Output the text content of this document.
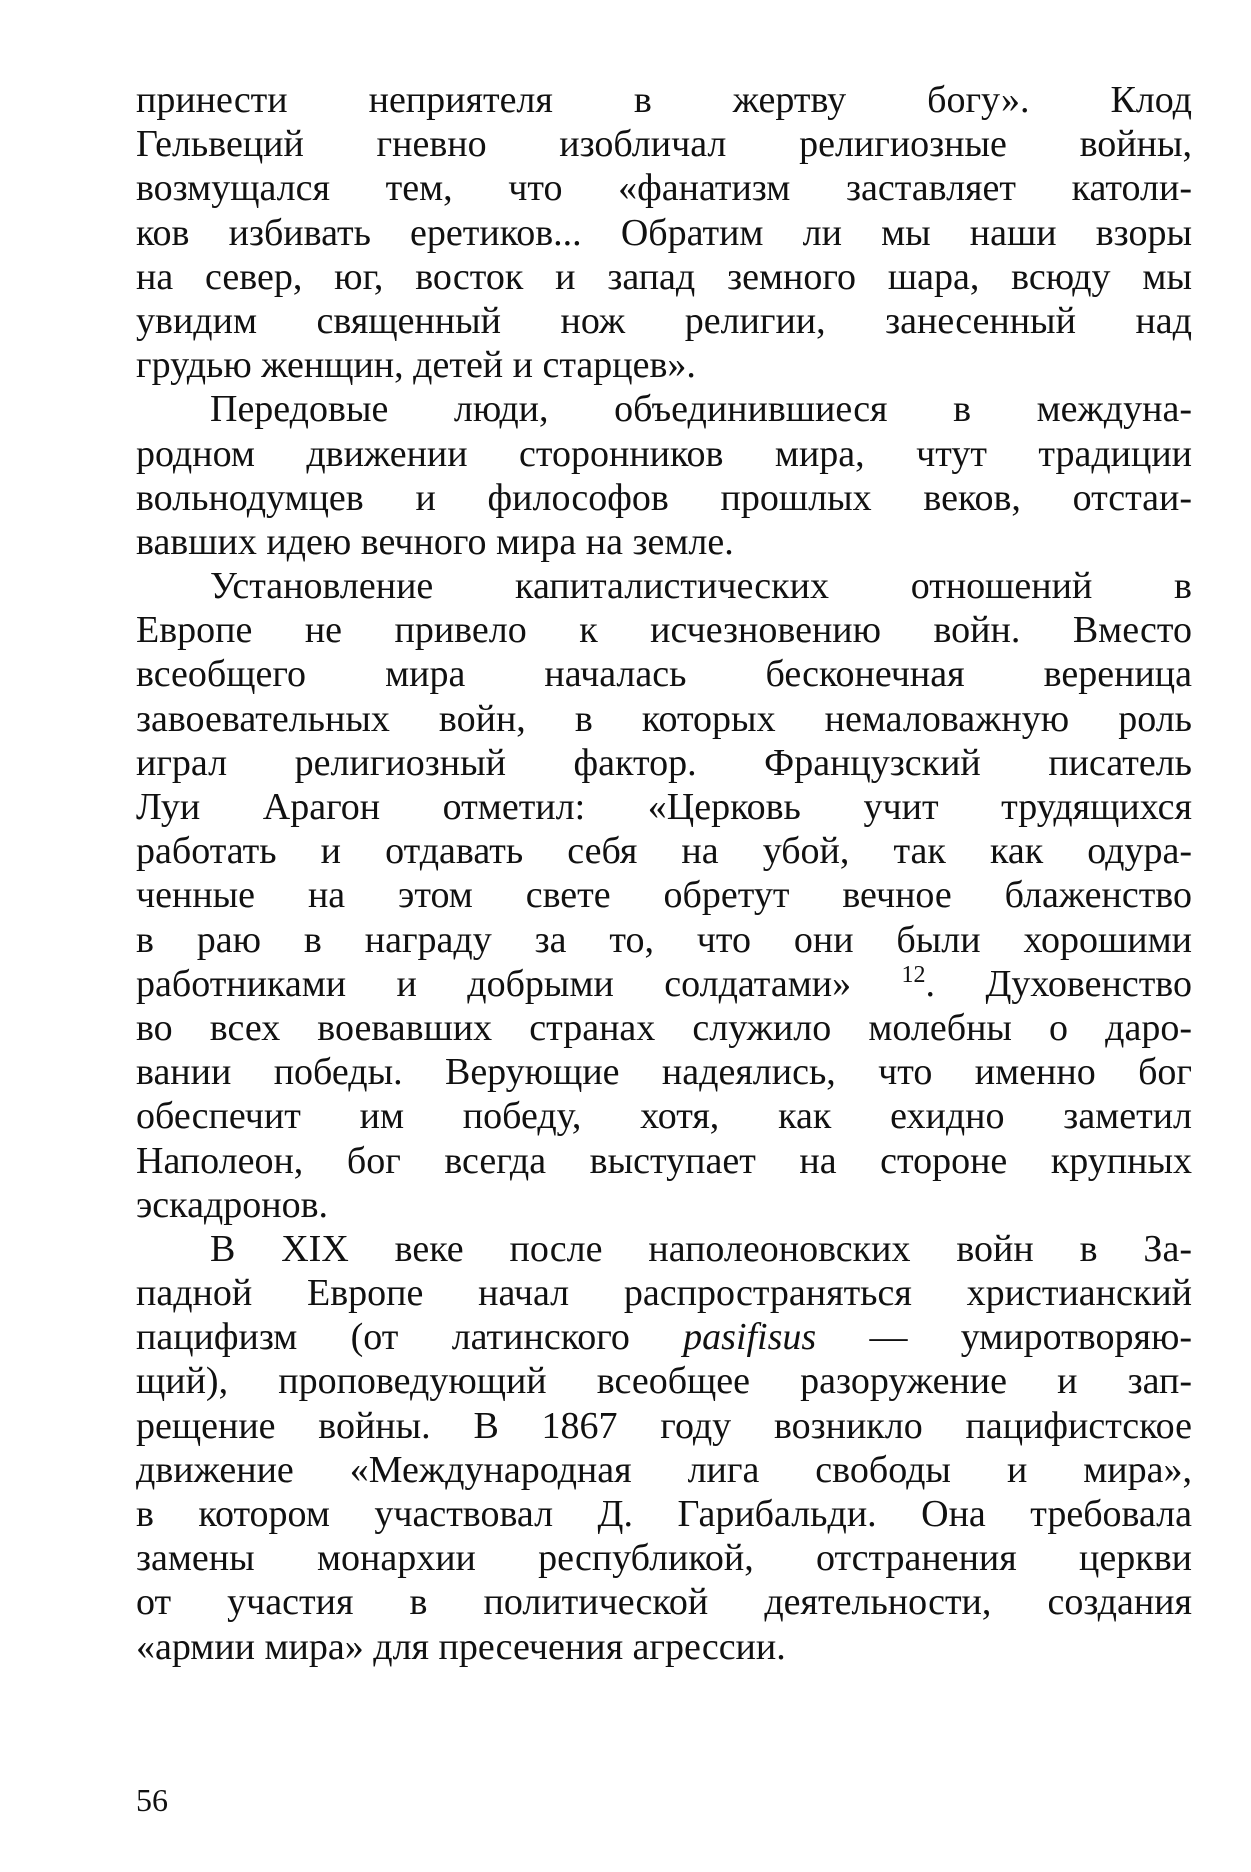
принести неприятеля в жертву богу». Клод
Гельвеций гневно изобличал религиозные войны,
возмущался тем, что «фанатизм заставляет католи-
ков избивать еретиков... Обратим ли мы наши взоры
на север, юг, восток и запад земного шара, всюду мы
увидим священный нож религии, занесенный над
грудью женщин, детей и старцев».
Передовые люди, объединившиеся в междуна-
родном движении сторонников мира, чтут традиции
вольнодумцев и философов прошлых веков, отстаи-
вавших идею вечного мира на земле.
Установление капиталистических отношений в
Европе не привело к исчезновению войн. Вместо
всеобщего мира началась бесконечная вереница
завоевательных войн, в которых немаловажную роль
играл религиозный фактор. Французский писатель
Луи Арагон отметил: «Церковь учит трудящихся
работать и отдавать себя на убой, так как одура-
ченные на этом свете обретут вечное блаженство
в раю в награду за то, что они были хорошими
работниками и добрыми солдатами» $^{12}$. Духовенство
во всех воевавших странах служило молебны о даро-
вании победы. Верующие надеялись, что именно бог
обеспечит им победу, хотя, как ехидно заметил
Наполеон, бог всегда выступает на стороне крупных
эскадронов.
В XIX веке после наполеоновских войн в За-
падной Европе начал распространяться христианский
пацифизм (от латинского pasifisus — умиротворяю-
щий), проповедующий всеобщее разоружение и зап-
рещение войны. В 1867 году возникло пацифистское
движение «Международная лига свободы и мира»,
в котором участвовал Д. Гарибальди. Она требовала
замены монархии республикой, отстранения церкви
от участия в политической деятельности, создания
«армии мира» для пресечения агрессии.
56
